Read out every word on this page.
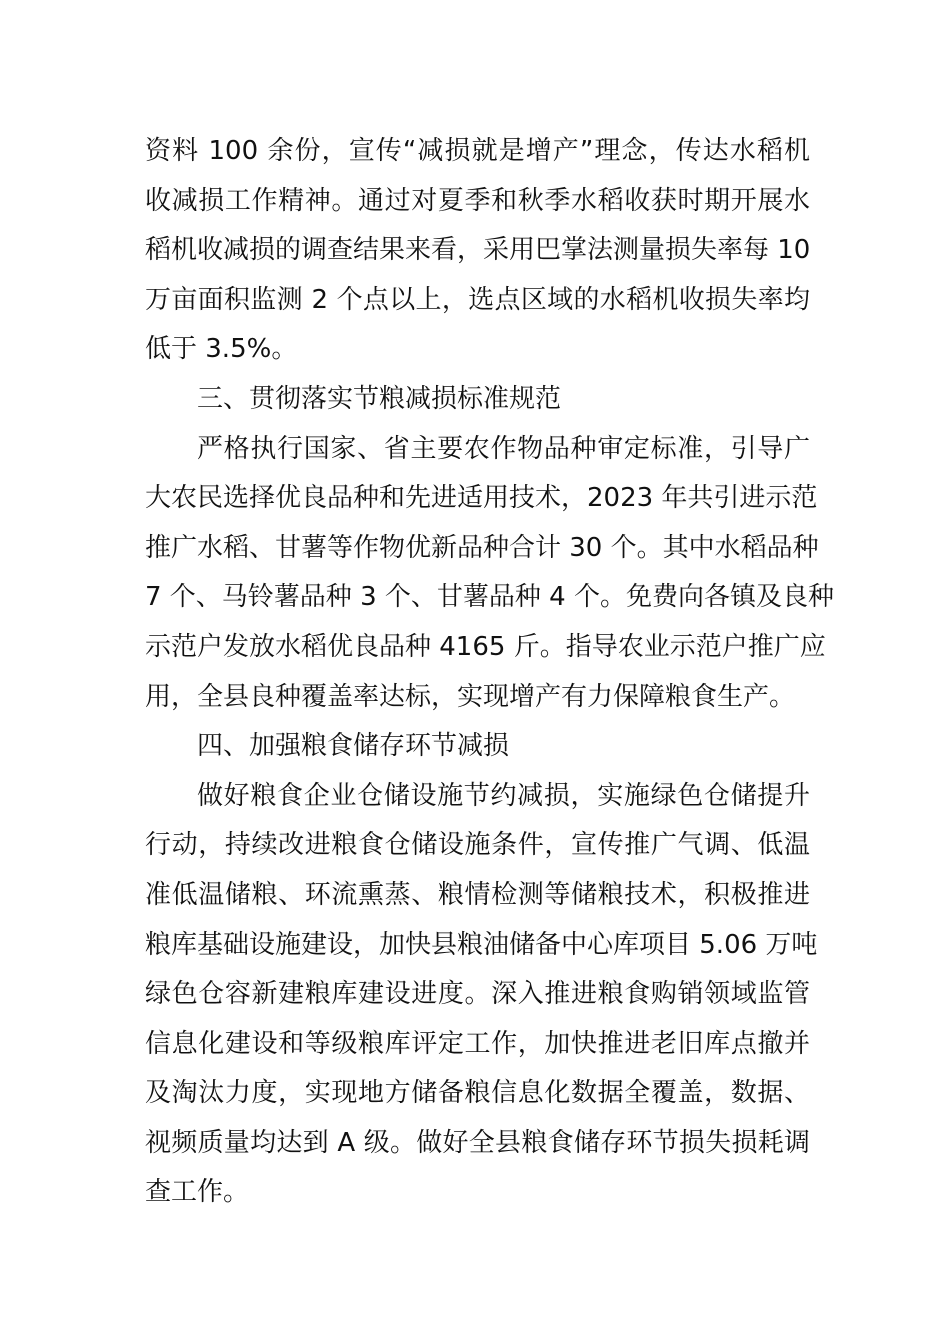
资料 100 余份，宣传“减损就是增产”理念，传达水稻机
收减损工作精神。通过对夏季和秋季水稻收获时期开展水
稻机收减损的调查结果来看，采用巴掌法测量损失率每 10
万亩面积监测 2 个点以上，选点区域的水稻机收损失率均
低于 3.5%。
三、贯彻落实节粮减损标准规范
严格执行国家、省主要农作物品种审定标准，引导广
大农民选择优良品种和先进适用技术，2023 年共引进示范
推广水稻、甘薯等作物优新品种合计 30 个。其中水稻品种
7 个、马铃薯品种 3 个、甘薯品种 4 个。免费向各镇及良种
示范户发放水稻优良品种 4165 斤。指导农业示范户推广应
用，全县良种覆盖率达标，实现增产有力保障粮食生产。
四、加强粮食储存环节减损
做好粮食企业仓储设施节约减损，实施绿色仓储提升
行动，持续改进粮食仓储设施条件，宣传推广气调、低温
准低温储粮、环流熏蒸、粮情检测等储粮技术，积极推进
粮库基础设施建设，加快县粮油储备中心库项目 5.06 万吨
绿色仓容新建粮库建设进度。深入推进粮食购销领域监管
信息化建设和等级粮库评定工作，加快推进老旧库点撤并
及淘汰力度，实现地方储备粮信息化数据全覆盖，数据、
视频质量均达到 A 级。做好全县粮食储存环节损失损耗调
查工作。
